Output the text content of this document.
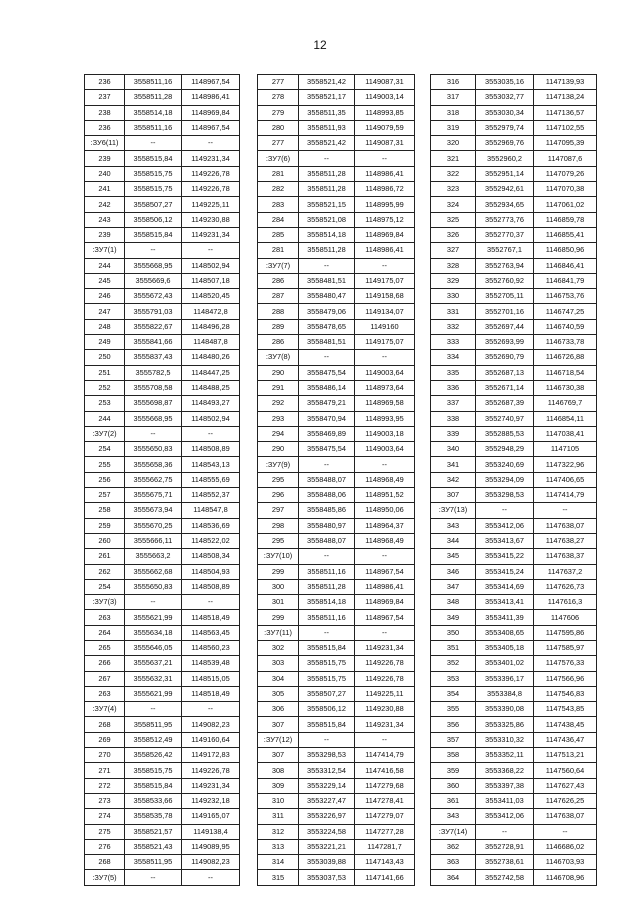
12
236	3558511,16	1148967,54
237	3558511,28	1148986,41
238	3558514,18	1148969,84
236	3558511,16	1148967,54
:ЗУ6(11)	--	--
239	3558515,84	1149231,34
240	3558515,75	1149226,78
241	3558515,75	1149226,78
242	3558507,27	1149225,11
243	3558506,12	1149230,88
239	3558515,84	1149231,34
:ЗУ7(1)	--	--
244	3555668,95	1148502,94
245	3555669,6	1148507,18
246	3555672,43	1148520,45
247	3555791,03	1148472,8
248	3555822,67	1148496,28
249	3555841,66	1148487,8
250	3555837,43	1148480,26
251	3555782,5	1148447,25
252	3555708,58	1148488,25
253	3555698,87	1148493,27
244	3555668,95	1148502,94
:ЗУ7(2)	--	--
254	3555650,83	1148508,89
255	3555658,36	1148543,13
256	3555662,75	1148555,69
257	3555675,71	1148552,37
258	3555673,94	1148547,8
259	3555670,25	1148536,69
260	3555666,11	1148522,02
261	3555663,2	1148508,34
262	3555662,68	1148504,93
254	3555650,83	1148508,89
:ЗУ7(3)	--	--
263	3555621,99	1148518,49
264	3555634,18	1148563,45
265	3555646,05	1148560,23
266	3555637,21	1148539,48
267	3555632,31	1148515,05
263	3555621,99	1148518,49
:ЗУ7(4)	--	--
268	3558511,95	1149082,23
269	3558512,49	1149160,64
270	3558526,42	1149172,83
271	3558515,75	1149226,78
272	3558515,84	1149231,34
273	3558533,66	1149232,18
274	3558535,78	1149165,07
275	3558521,57	1149138,4
276	3558521,43	1149089,95
268	3558511,95	1149082,23
:ЗУ7(5)	--	--
277	3558521,42	1149087,31
278	3558521,17	1149003,14
279	3558511,35	1148993,85
280	3558511,93	1149079,59
277	3558521,42	1149087,31
:ЗУ7(6)	--	--
281	3558511,28	1148986,41
282	3558511,28	1148986,72
283	3558521,15	1148995,99
284	3558521,08	1148975,12
285	3558514,18	1148969,84
281	3558511,28	1148986,41
:ЗУ7(7)	--	--
286	3558481,51	1149175,07
287	3558480,47	1149158,68
288	3558479,06	1149134,07
289	3558478,65	1149160
286	3558481,51	1149175,07
:ЗУ7(8)	--	--
290	3558475,54	1149003,64
291	3558486,14	1148973,64
292	3558479,21	1148969,58
293	3558470,94	1148993,95
294	3558469,89	1149003,18
290	3558475,54	1149003,64
:ЗУ7(9)	--	--
295	3558488,07	1148968,49
296	3558488,06	1148951,52
297	3558485,86	1148950,06
298	3558480,97	1148964,37
295	3558488,07	1148968,49
:ЗУ7(10)	--	--
299	3558511,16	1148967,54
300	3558511,28	1148986,41
301	3558514,18	1148969,84
299	3558511,16	1148967,54
:ЗУ7(11)	--	--
302	3558515,84	1149231,34
303	3558515,75	1149226,78
304	3558515,75	1149226,78
305	3558507,27	1149225,11
306	3558506,12	1149230,88
307	3558515,84	1149231,34
:ЗУ7(12)	--	--
307	3553298,53	1147414,79
308	3553312,54	1147416,58
309	3553229,14	1147279,68
310	3553227,47	1147278,41
311	3553226,97	1147279,07
312	3553224,58	1147277,28
313	3553221,21	1147281,7
314	3553039,88	1147143,43
315	3553037,53	1147141,66
316	3553035,16	1147139,93
317	3553032,77	1147138,24
318	3553030,34	1147136,57
319	3552979,74	1147102,55
320	3552969,76	1147095,39
321	3552960,2	1147087,6
322	3552951,14	1147079,26
323	3552942,61	1147070,38
324	3552934,65	1147061,02
325	3552773,76	1146859,78
326	3552770,37	1146855,41
327	3552767,1	1146850,96
328	3552763,94	1146846,41
329	3552760,92	1146841,79
330	3552705,11	1146753,76
331	3552701,16	1146747,25
332	3552697,44	1146740,59
333	3552693,99	1146733,78
334	3552690,79	1146726,88
335	3552687,13	1146718,54
336	3552671,14	1146730,38
337	3552687,39	1146769,7
338	3552740,97	1146854,11
339	3552885,53	1147038,41
340	3552948,29	1147105
341	3553240,69	1147322,96
342	3553294,09	1147406,65
307	3553298,53	1147414,79
:ЗУ7(13)	--	--
343	3553412,06	1147638,07
344	3553413,67	1147638,27
345	3553415,22	1147638,37
346	3553415,24	1147637,2
347	3553414,69	1147626,73
348	3553413,41	1147616,3
349	3553411,39	1147606
350	3553408,65	1147595,86
351	3553405,18	1147585,97
352	3553401,02	1147576,33
353	3553396,17	1147566,96
354	3553384,8	1147546,83
355	3553390,08	1147543,85
356	3553325,86	1147438,45
357	3553310,32	1147436,47
358	3553352,11	1147513,21
359	3553368,22	1147560,64
360	3553397,38	1147627,43
361	3553411,03	1147626,25
343	3553412,06	1147638,07
:ЗУ7(14)	--	--
362	3552728,91	1146686,02
363	3552738,61	1146703,93
364	3552742,58	1146708,96
